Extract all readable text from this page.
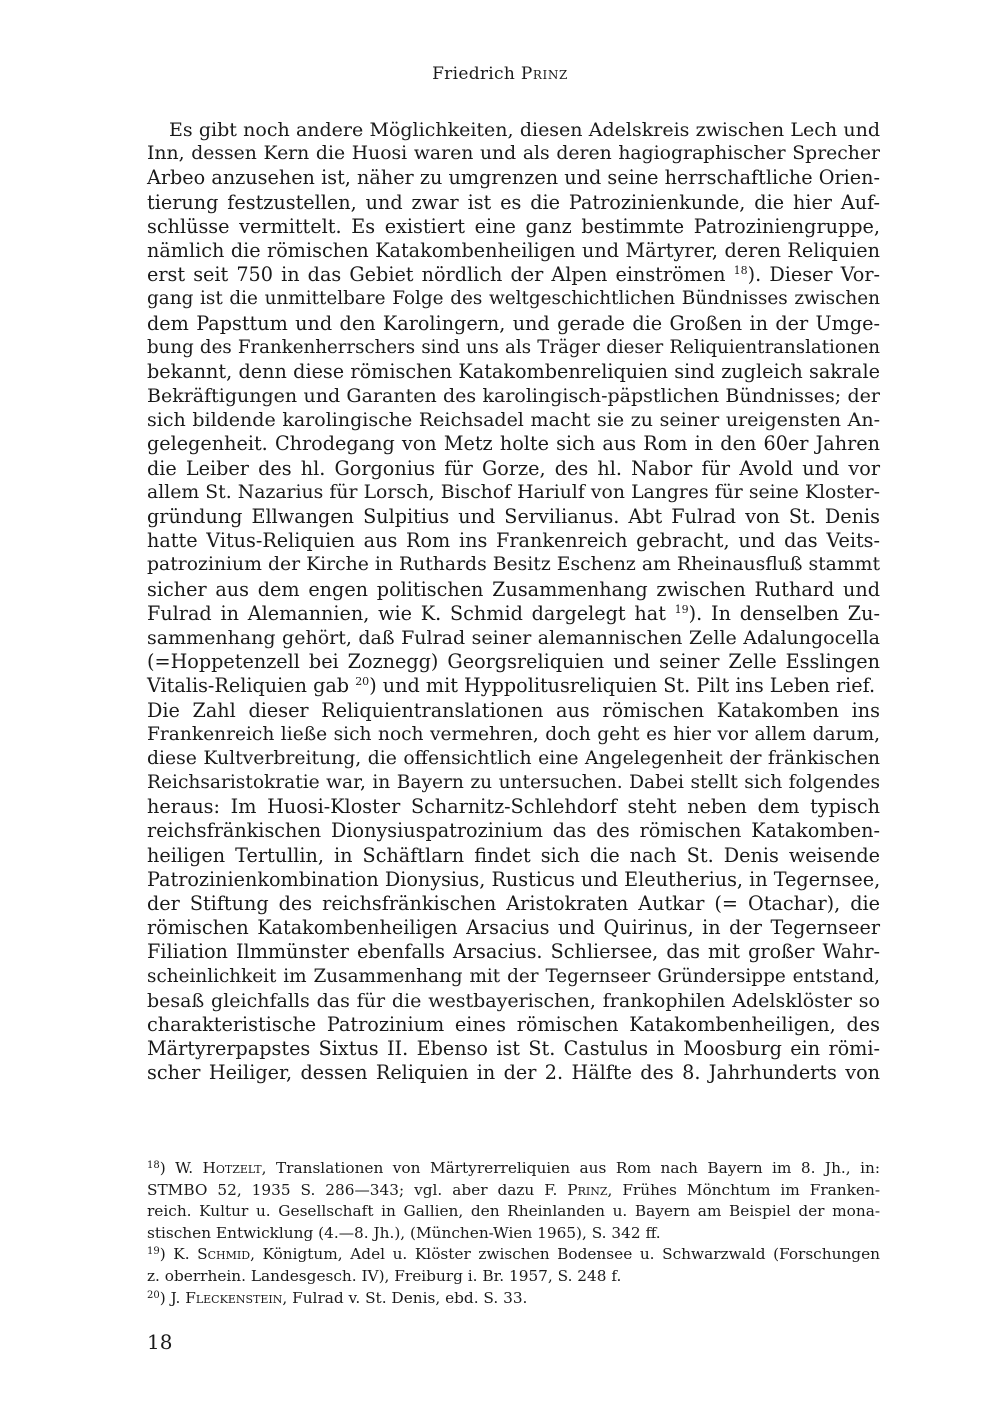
Friedrich Prinz
Es gibt noch andere Möglichkeiten, diesen Adelskreis zwischen Lech und
Inn, dessen Kern die Huosi waren und als deren hagiographischer Sprecher
Arbeo anzusehen ist, näher zu umgrenzen und seine herrschaftliche Orien-
tierung festzustellen, und zwar ist es die Patrozinienkunde, die hier Auf-
schlüsse vermittelt. Es existiert eine ganz bestimmte Patroziniengruppe,
nämlich die römischen Katakombenheiligen und Märtyrer, deren Reliquien
erst seit 750 in das Gebiet nördlich der Alpen einströmen $^{18}$). Dieser Vor-
gang ist die unmittelbare Folge des weltgeschichtlichen Bündnisses zwischen
dem Papsttum und den Karolingern, und gerade die Großen in der Umge-
bung des Frankenherrschers sind uns als Träger dieser Reliquientranslationen
bekannt, denn diese römischen Katakombenreliquien sind zugleich sakrale
Bekräftigungen und Garanten des karolingisch-päpstlichen Bündnisses; der
sich bildende karolingische Reichsadel macht sie zu seiner ureigensten An-
gelegenheit. Chrodegang von Metz holte sich aus Rom in den 60er Jahren
die Leiber des hl. Gorgonius für Gorze, des hl. Nabor für Avold und vor
allem St. Nazarius für Lorsch, Bischof Hariulf von Langres für seine Kloster-
gründung Ellwangen Sulpitius und Servilianus. Abt Fulrad von St. Denis
hatte Vitus-Reliquien aus Rom ins Frankenreich gebracht, und das Veits-
patrozinium der Kirche in Ruthards Besitz Eschenz am Rheinausfluß stammt
sicher aus dem engen politischen Zusammenhang zwischen Ruthard und
Fulrad in Alemannien, wie K. Schmid dargelegt hat $^{19}$). In denselben Zu-
sammenhang gehört, daß Fulrad seiner alemannischen Zelle Adalungocella
(=Hoppetenzell bei Zoznegg) Georgsreliquien und seiner Zelle Esslingen
Vitalis-Reliquien gab $^{20}$) und mit Hyppolitusreliquien St. Pilt ins Leben rief.
Die Zahl dieser Reliquientranslationen aus römischen Katakomben ins
Frankenreich ließe sich noch vermehren, doch geht es hier vor allem darum,
diese Kultverbreitung, die offensichtlich eine Angelegenheit der fränkischen
Reichsaristokratie war, in Bayern zu untersuchen. Dabei stellt sich folgendes
heraus: Im Huosi-Kloster Scharnitz-Schlehdorf steht neben dem typisch
reichsfränkischen Dionysiuspatrozinium das des römischen Katakomben-
heiligen Tertullin, in Schäftlarn findet sich die nach St. Denis weisende
Patrozinienkombination Dionysius, Rusticus und Eleutherius, in Tegernsee,
der Stiftung des reichsfränkischen Aristokraten Autkar (= Otachar), die
römischen Katakombenheiligen Arsacius und Quirinus, in der Tegernseer
Filiation Ilmmünster ebenfalls Arsacius. Schliersee, das mit großer Wahr-
scheinlichkeit im Zusammenhang mit der Tegernseer Gründersippe entstand,
besaß gleichfalls das für die westbayerischen, frankophilen Adelsklöster so
charakteristische Patrozinium eines römischen Katakombenheiligen, des
Märtyrerpapstes Sixtus II. Ebenso ist St. Castulus in Moosburg ein römi-
scher Heiliger, dessen Reliquien in der 2. Hälfte des 8. Jahrhunderts von
$^{18}$) W. Hotzelt, Translationen von Märtyrerreliquien aus Rom nach Bayern im 8. Jh., in:
STMBO 52, 1935 S. 286—343; vgl. aber dazu F. Prinz, Frühes Mönchtum im Franken-
reich. Kultur u. Gesellschaft in Gallien, den Rheinlanden u. Bayern am Beispiel der mona-
stischen Entwicklung (4.—8. Jh.), (München-Wien 1965), S. 342 ff.
$^{19}$) K. Schmid, Königtum, Adel u. Klöster zwischen Bodensee u. Schwarzwald (Forschungen
z. oberrhein. Landesgesch. IV), Freiburg i. Br. 1957, S. 248 f.
$^{20}$) J. Fleckenstein, Fulrad v. St. Denis, ebd. S. 33.
18
